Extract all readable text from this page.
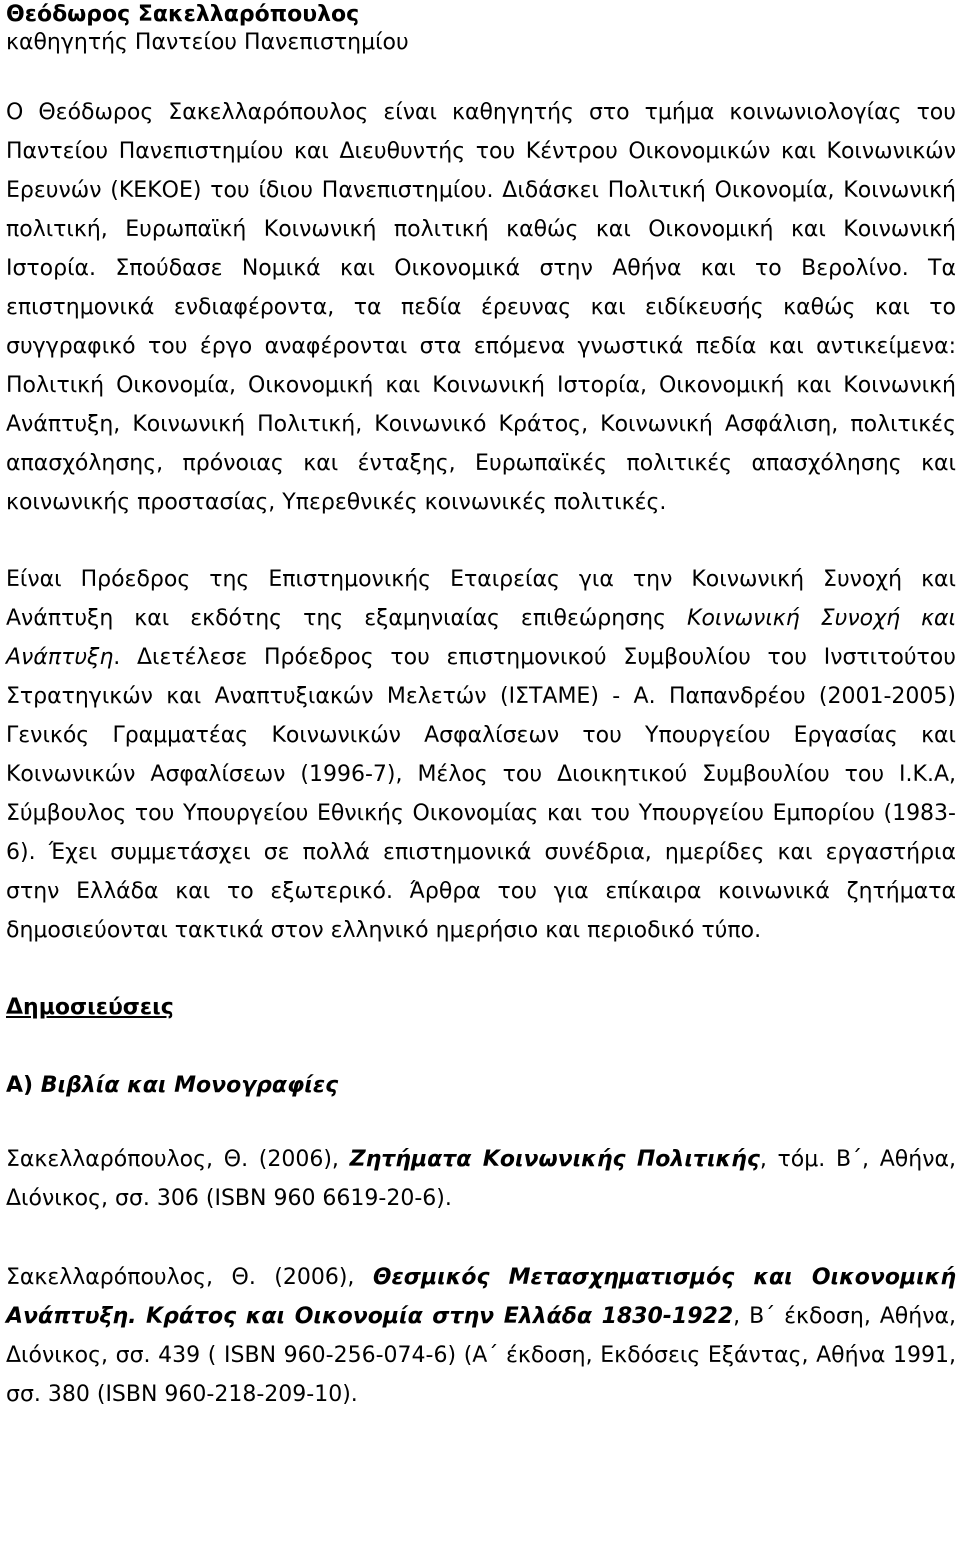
Θεόδωρος Σακελλαρόπουλος
καθηγητής Παντείου Πανεπιστημίου

Ο Θεόδωρος Σακελλαρόπουλος είναι καθηγητής στο τμήμα κοινωνιολογίας του Παντείου Πανεπιστημίου και Διευθυντής του Κέντρου Οικονομικών και Κοινωνικών Ερευνών (ΚΕΚΟΕ) του ίδιου Πανεπιστημίου. Διδάσκει Πολιτική Οικονομία, Κοινωνική πολιτική, Ευρωπαϊκή Κοινωνική πολιτική καθώς και Οικονομική και Κοινωνική Ιστορία. Σπούδασε Νομικά και Οικονομικά στην Αθήνα και το Βερολίνο. Τα επιστημονικά ενδιαφέροντα, τα πεδία έρευνας και ειδίκευσής καθώς και το συγγραφικό του έργο αναφέρονται στα επόμενα γνωστικά πεδία και αντικείμενα: Πολιτική Οικονομία, Οικονομική και Κοινωνική Ιστορία, Οικονομική και Κοινωνική Ανάπτυξη, Κοινωνική Πολιτική, Κοινωνικό Κράτος, Κοινωνική Ασφάλιση, πολιτικές απασχόλησης, πρόνοιας και ένταξης, Ευρωπαϊκές πολιτικές απασχόλησης και κοινωνικής προστασίας, Υπερεθνικές κοινωνικές πολιτικές.

Είναι Πρόεδρος της Επιστημονικής Εταιρείας για την Κοινωνική Συνοχή και Ανάπτυξη και εκδότης της εξαμηνιαίας επιθεώρησης Κοινωνική Συνοχή και Ανάπτυξη. Διετέλεσε Πρόεδρος του επιστημονικού Συμβουλίου του Ινστιτούτου Στρατηγικών και Αναπτυξιακών Μελετών (ΙΣΤΑΜΕ) - Α. Παπανδρέου (2001-2005) Γενικός Γραμματέας Κοινωνικών Ασφαλίσεων του Υπουργείου Εργασίας και Κοινωνικών Ασφαλίσεων (1996-7), Μέλος του Διοικητικού Συμβουλίου του Ι.Κ.Α, Σύμβουλος του Υπουργείου Εθνικής Οικονομίας και του Υπουργείου Εμπορίου (1983-6). Έχει συμμετάσχει σε πολλά επιστημονικά συνέδρια, ημερίδες και εργαστήρια στην Ελλάδα και το εξωτερικό. Άρθρα του για επίκαιρα κοινωνικά ζητήματα δημοσιεύονται τακτικά στον ελληνικό ημερήσιο και περιοδικό τύπο.

Δημοσιεύσεις
Α) Βιβλία και Μονογραφίες

Σακελλαρόπουλος, Θ. (2006), Ζητήματα Κοινωνικής Πολιτικής, τόμ. Β΄, Αθήνα, Διόνικος, σσ. 306 (ISBN 960 6619-20-6).

Σακελλαρόπουλος, Θ. (2006), Θεσμικός Μετασχηματισμός και Οικονομική Ανάπτυξη. Κράτος και Οικονομία στην Ελλάδα 1830-1922, Β΄ έκδοση, Αθήνα, Διόνικος, σσ. 439 ( ISBN 960-256-074-6) (Α΄ έκδοση, Εκδόσεις Εξάντας, Αθήνα 1991, σσ. 380 (ISBN 960-218-209-10).
